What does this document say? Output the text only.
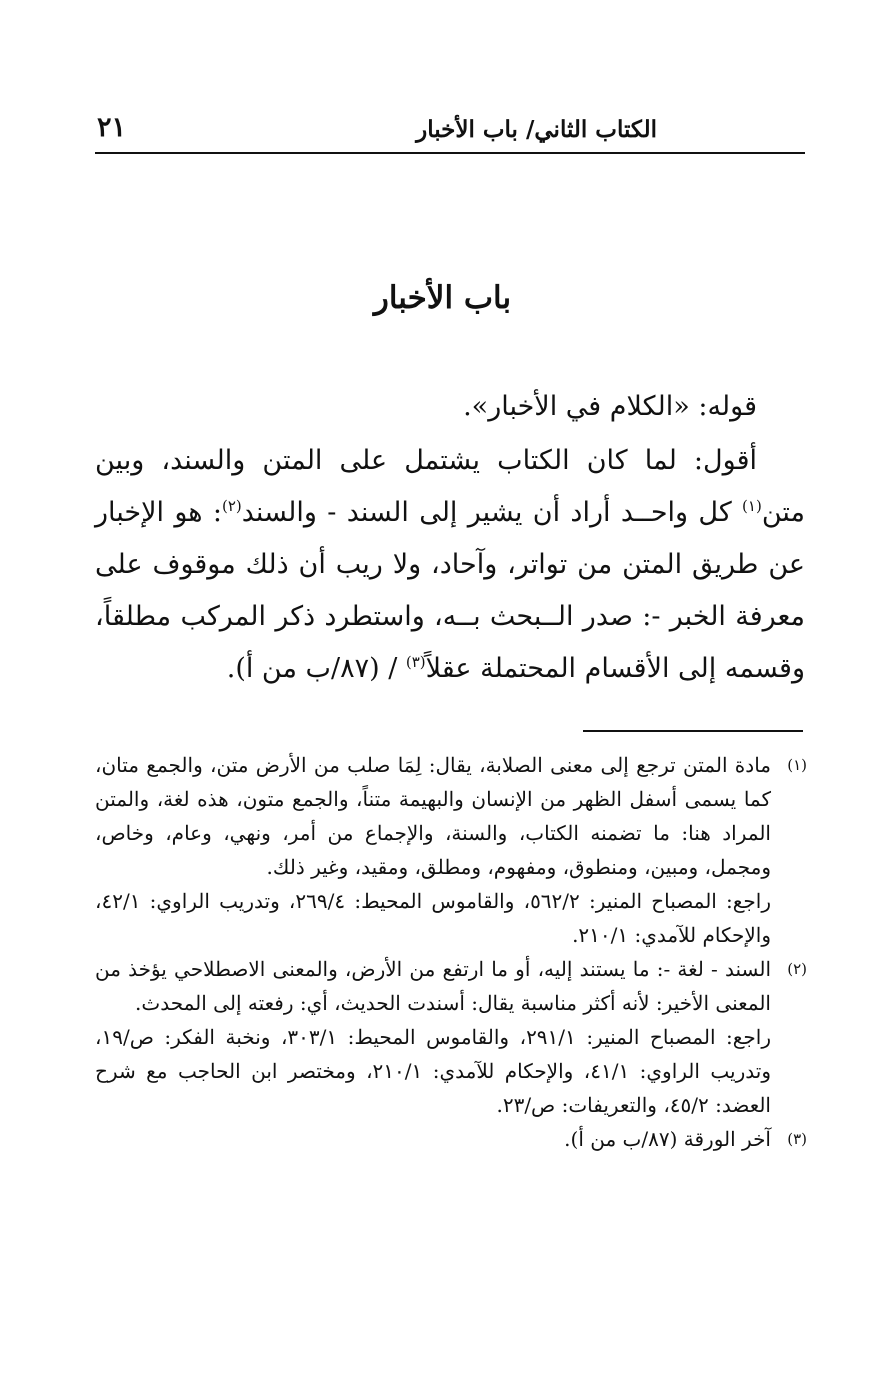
الكتاب الثاني/ باب الأخبار
٢١
باب الأخبار
قوله: «الكلام في الأخبار».

أقول: لما كان الكتاب يشتمل على المتن والسند، وبين متن$^{(١)}$ كل واحــد أراد أن يشير إلى السند - والسند$^{(٢)}$: هو الإخبار عن طريق المتن من تواتر، وآحاد، ولا ريب أن ذلك موقوف على معرفة الخبر -: صدر الــبحث بــه، واستطرد ذكر المركب مطلقاً، وقسمه إلى الأقسام المحتملة عقلاً$^{(٣)}$ / (٨٧/ب من أ).

(١)

مادة المتن ترجع إلى معنى الصلابة، يقال: لِمَا صلب من الأرض متن، والجمع متان، كما يسمى أسفل الظهر من الإنسان والبهيمة متناً، والجمع متون، هذه لغة، والمتن المراد هنا: ما تضمنه الكتاب، والسنة، والإجماع من أمر، ونهي، وعام، وخاص، ومجمل، ومبين، ومنطوق، ومفهوم، ومطلق، ومقيد، وغير ذلك.

راجع: المصباح المنير: ٥٦٢/٢، والقاموس المحيط: ٢٦٩/٤، وتدريب الراوي: ٤٢/١، والإحكام للآمدي: ٢١٠/١.

(٢)

السند - لغة -: ما يستند إليه، أو ما ارتفع من الأرض، والمعنى الاصطلاحي يؤخذ من المعنى الأخير: لأنه أكثر مناسبة يقال: أسندت الحديث، أي: رفعته إلى المحدث.

راجع: المصباح المنير: ٢٩١/١، والقاموس المحيط: ٣٠٣/١، ونخبة الفكر: ص/١٩، وتدريب الراوي: ٤١/١، والإحكام للآمدي: ٢١٠/١، ومختصر ابن الحاجب مع شرح العضد: ٤٥/٢، والتعريفات: ص/٢٣.

(٣)

آخر الورقة (٨٧/ب من أ).
